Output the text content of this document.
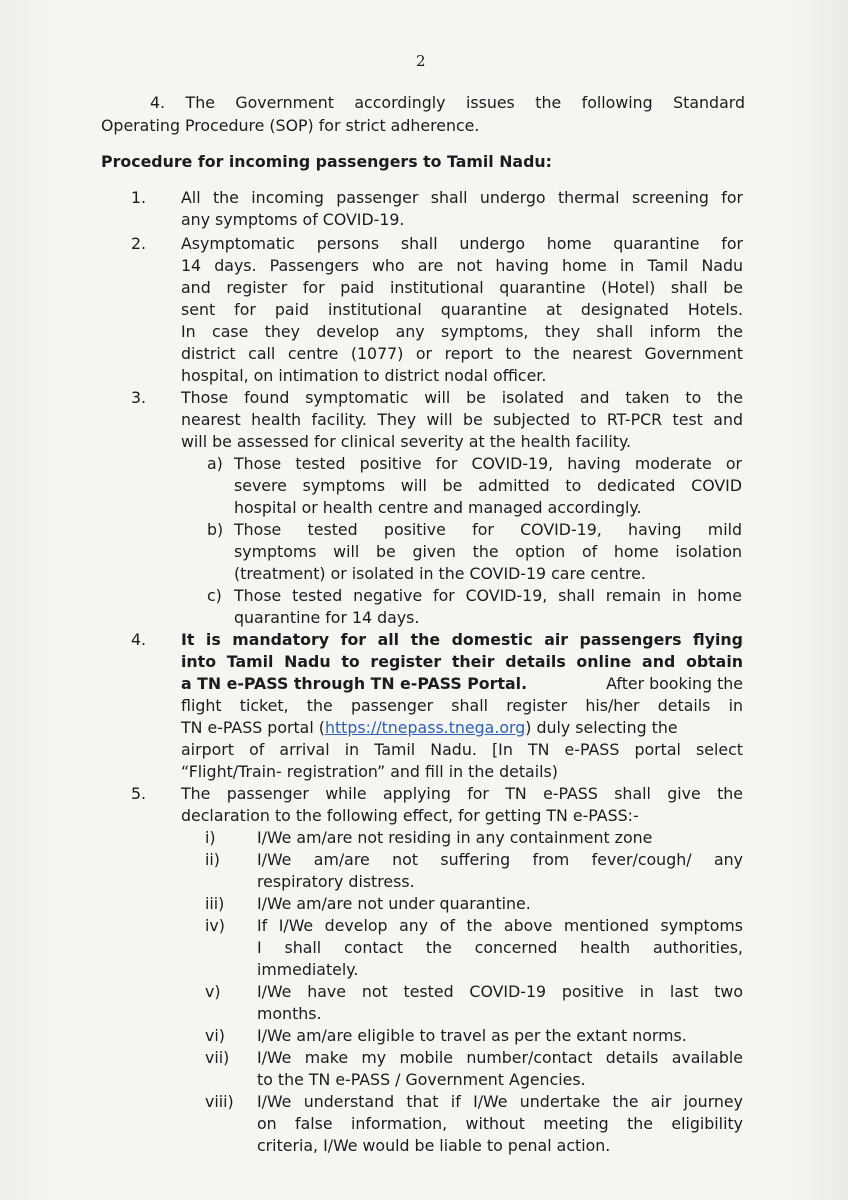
2
4. The Government accordingly issues the following Standard
Operating Procedure (SOP) for strict adherence.
Procedure for incoming passengers to Tamil Nadu:
1. All the incoming passenger shall undergo thermal screening for
any symptoms of COVID-19.
2. Asymptomatic persons shall undergo home quarantine for
14 days. Passengers who are not having home in Tamil Nadu
and register for paid institutional quarantine (Hotel) shall be
sent for paid institutional quarantine at designated Hotels.
In case they develop any symptoms, they shall inform the
district call centre (1077) or report to the nearest Government
hospital, on intimation to district nodal officer.
3. Those found symptomatic will be isolated and taken to the
nearest health facility. They will be subjected to RT-PCR test and
will be assessed for clinical severity at the health facility.
a) Those tested positive for COVID-19, having moderate or
severe symptoms will be admitted to dedicated COVID
hospital or health centre and managed accordingly.
b) Those tested positive for COVID-19, having mild
symptoms will be given the option of home isolation
(treatment) or isolated in the COVID-19 care centre.
c) Those tested negative for COVID-19, shall remain in home
quarantine for 14 days.
4. It is mandatory for all the domestic air passengers flying
into Tamil Nadu to register their details online and obtain
a TN e-PASS through TN e-PASS Portal.	After booking the
flight ticket, the passenger shall register his/her details in
TN e-PASS portal (https://tnepass.tnega.org) duly selecting the
airport of arrival in Tamil Nadu. [In TN e-PASS portal select
“Flight/Train- registration” and fill in the details)
5. The passenger while applying for TN e-PASS shall give the
declaration to the following effect, for getting TN e-PASS:-
i)	I/We am/are not residing in any containment zone
ii) I/We am/are not suffering from fever/cough/ any
respiratory distress.
iii) I/We am/are not under quarantine.
iv) If I/We develop any of the above mentioned symptoms
I shall contact the concerned health authorities,
immediately.
v) I/We have not tested COVID-19 positive in last two
months.
vi) I/We am/are eligible to travel as per the extant norms.
vii) I/We make my mobile number/contact details available
to the TN e-PASS / Government Agencies.
viii) I/We understand that if I/We undertake the air journey
on false information, without meeting the eligibility
criteria, I/We would be liable to penal action.
